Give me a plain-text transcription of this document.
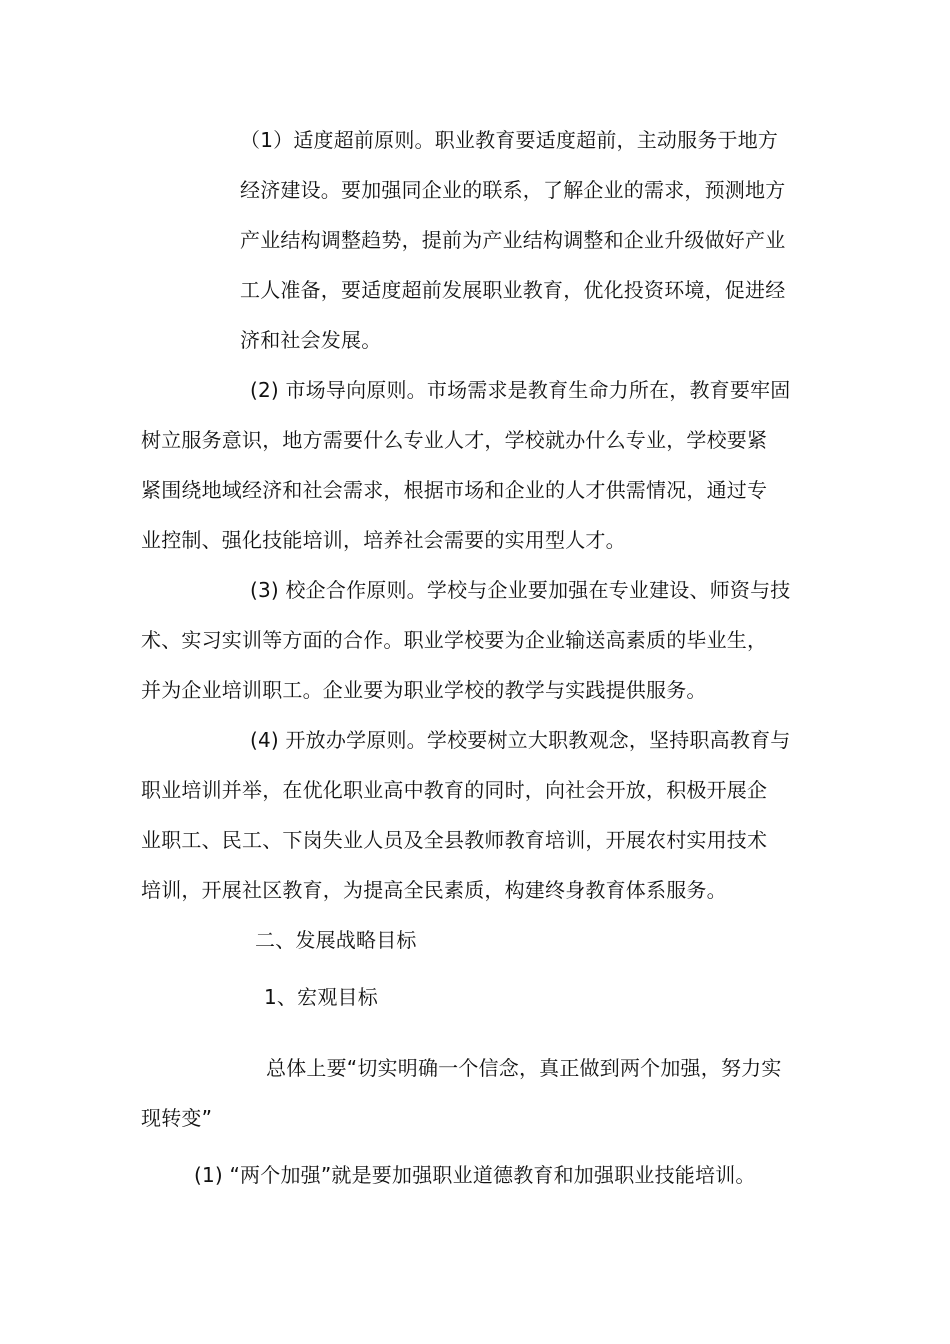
（1）适度超前原则。职业教育要适度超前，主动服务于地方

经济建设。要加强同企业的联系，了解企业的需求，预测地方

产业结构调整趋势，提前为产业结构调整和企业升级做好产业

工人准备，要适度超前发展职业教育，优化投资环境，促进经

济和社会发展。

(2) 市场导向原则。市场需求是教育生命力所在，教育要牢固

树立服务意识，地方需要什么专业人才，学校就办什么专业，学校要紧

紧围绕地域经济和社会需求，根据市场和企业的人才供需情况，通过专

业控制、强化技能培训，培养社会需要的实用型人才。

(3) 校企合作原则。学校与企业要加强在专业建设、师资与技

术、实习实训等方面的合作。职业学校要为企业输送高素质的毕业生，

并为企业培训职工。企业要为职业学校的教学与实践提供服务。

(4) 开放办学原则。学校要树立大职教观念，坚持职高教育与

职业培训并举，在优化职业高中教育的同时，向社会开放，积极开展企

业职工、民工、下岗失业人员及全县教师教育培训，开展农村实用技术

培训，开展社区教育，为提高全民素质，构建终身教育体系服务。

二、发展战略目标

1、宏观目标

总体上要“切实明确一个信念，真正做到两个加强，努力实

现转变”

(1) “两个加强”就是要加强职业道德教育和加强职业技能培训。
